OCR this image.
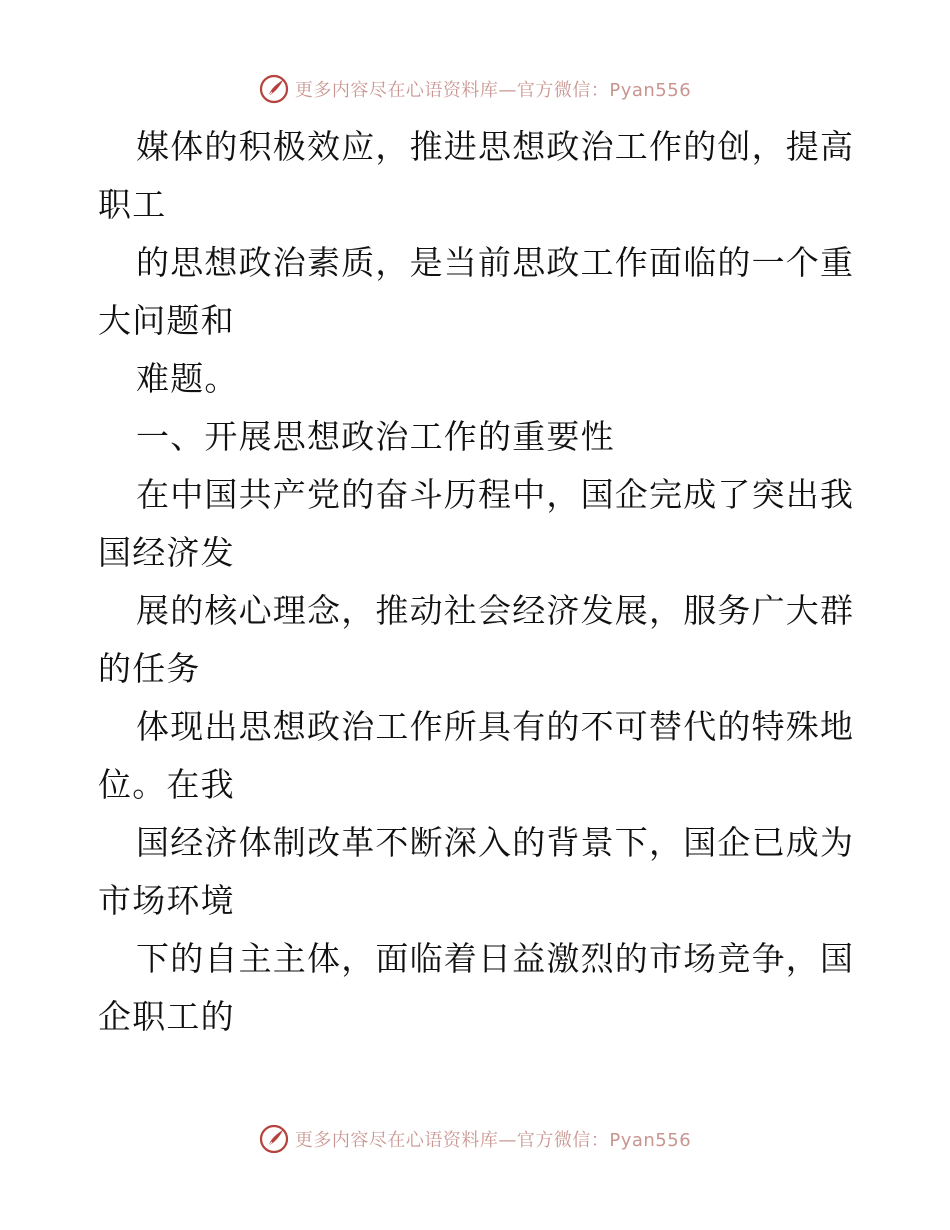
更多内容尽在心语资料库—官方微信：Pyan556
媒体的积极效应，推进思想政治工作的创，提高
职工
的思想政治素质，是当前思政工作面临的一个重
大问题和
难题。
一、开展思想政治工作的重要性
在中国共产党的奋斗历程中，国企完成了突出我
国经济发
展的核心理念，推动社会经济发展，服务广大群
的任务
体现出思想政治工作所具有的不可替代的特殊地
位。在我
国经济体制改革不断深入的背景下，国企已成为
市场环境
下的自主主体，面临着日益激烈的市场竞争，国
企职工的
更多内容尽在心语资料库—官方微信：Pyan556
